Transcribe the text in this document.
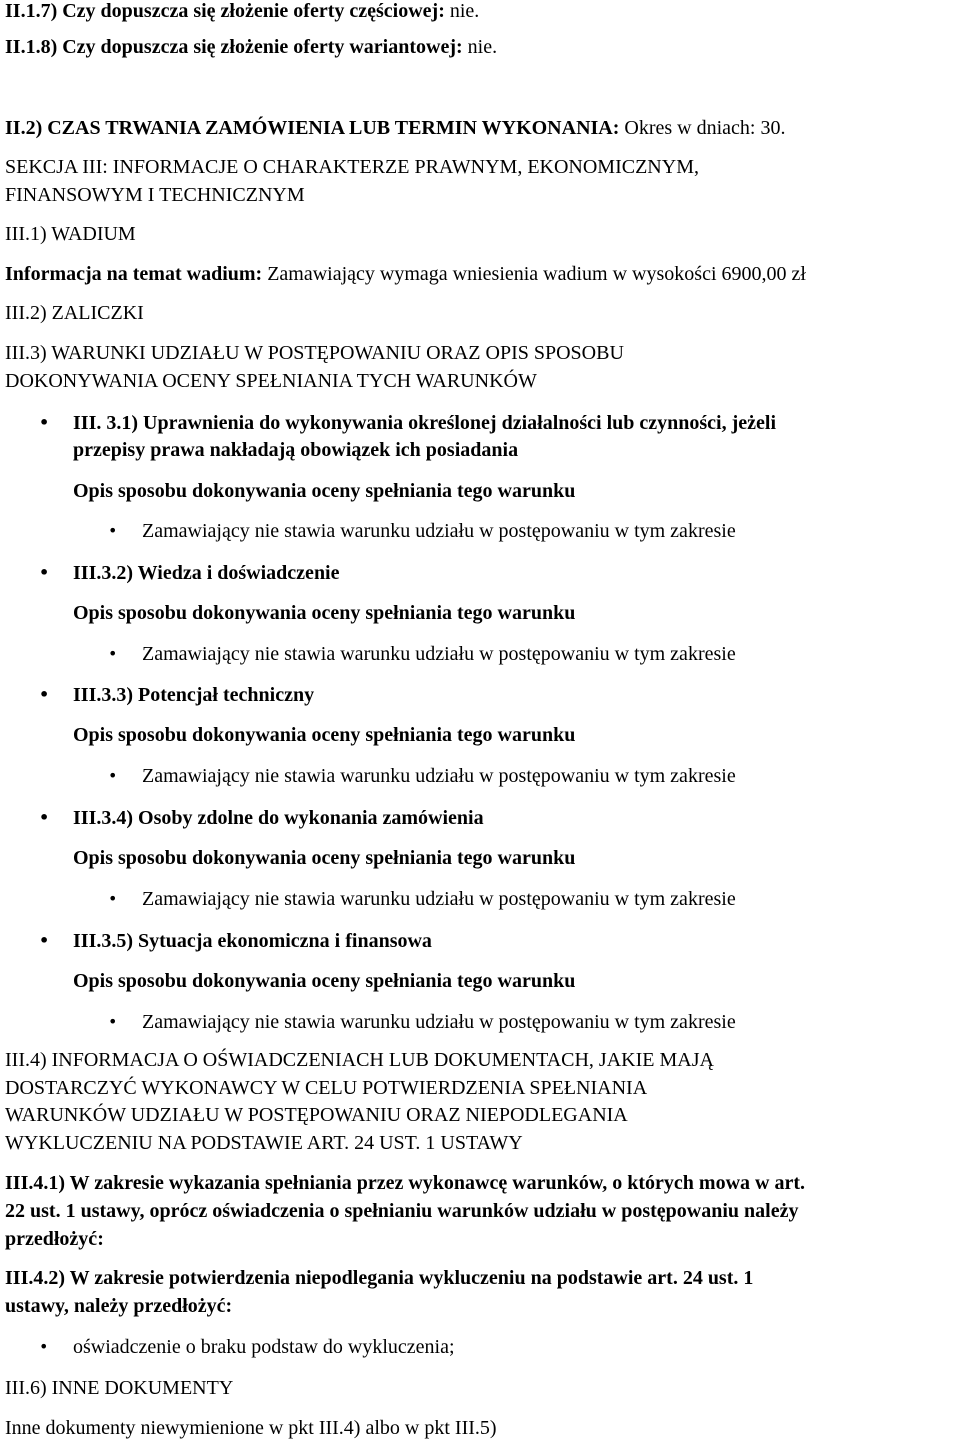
II.1.7) Czy dopuszcza się złożenie oferty częściowej: nie.
II.1.8) Czy dopuszcza się złożenie oferty wariantowej: nie.
II.2) CZAS TRWANIA ZAMÓWIENIA LUB TERMIN WYKONANIA: Okres w dniach: 30.
SEKCJA III: INFORMACJE O CHARAKTERZE PRAWNYM, EKONOMICZNYM,
FINANSOWYM I TECHNICZNYM
III.1) WADIUM
Informacja na temat wadium: Zamawiający wymaga wniesienia wadium w wysokości 6900,00 zł
III.2) ZALICZKI
III.3) WARUNKI UDZIAŁU W POSTĘPOWANIU ORAZ OPIS SPOSOBU
DOKONYWANIA OCENY SPEŁNIANIA TYCH WARUNKÓW
• III. 3.1) Uprawnienia do wykonywania określonej działalności lub czynności, jeżeli
przepisy prawa nakładają obowiązek ich posiadania
Opis sposobu dokonywania oceny spełniania tego warunku
• Zamawiający nie stawia warunku udziału w postępowaniu w tym zakresie
• III.3.2) Wiedza i doświadczenie
Opis sposobu dokonywania oceny spełniania tego warunku
• Zamawiający nie stawia warunku udziału w postępowaniu w tym zakresie
• III.3.3) Potencjał techniczny
Opis sposobu dokonywania oceny spełniania tego warunku
• Zamawiający nie stawia warunku udziału w postępowaniu w tym zakresie
• III.3.4) Osoby zdolne do wykonania zamówienia
Opis sposobu dokonywania oceny spełniania tego warunku
• Zamawiający nie stawia warunku udziału w postępowaniu w tym zakresie
• III.3.5) Sytuacja ekonomiczna i finansowa
Opis sposobu dokonywania oceny spełniania tego warunku
• Zamawiający nie stawia warunku udziału w postępowaniu w tym zakresie
III.4) INFORMACJA O OŚWIADCZENIACH LUB DOKUMENTACH, JAKIE MAJĄ
DOSTARCZYĆ WYKONAWCY W CELU POTWIERDZENIA SPEŁNIANIA
WARUNKÓW UDZIAŁU W POSTĘPOWANIU ORAZ NIEPODLEGANIA
WYKLUCZENIU NA PODSTAWIE ART. 24 UST. 1 USTAWY
III.4.1) W zakresie wykazania spełniania przez wykonawcę warunków, o których mowa w art.
22 ust. 1 ustawy, oprócz oświadczenia o spełnianiu warunków udziału w postępowaniu należy
przedłożyć:
III.4.2) W zakresie potwierdzenia niepodlegania wykluczeniu na podstawie art. 24 ust. 1
ustawy, należy przedłożyć:
• oświadczenie o braku podstaw do wykluczenia;
III.6) INNE DOKUMENTY
Inne dokumenty niewymienione w pkt III.4) albo w pkt III.5)
